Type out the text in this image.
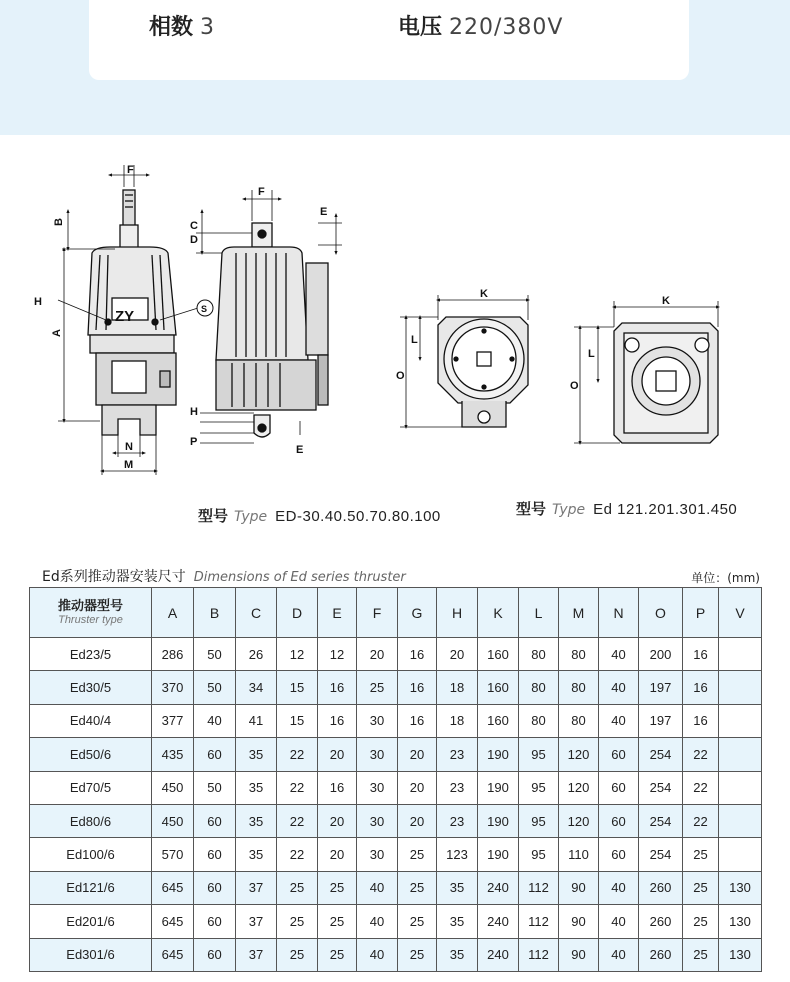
相数 3	电压 220/380V
F
B
A
H
S
N
M
ZY
F
C
D
E
H
P
E
K
L
O
K
L
O
型号 Type ED-30.40.50.70.80.100	型号 Type Ed 121.201.301.450
Ed系列推动器安装尺寸 Dimensions of Ed series thruster	单位：(mm)
推动器型号
Thruster type	A	B	C	D	E	F	G	H	K	L	M	N	O	P	V
Ed23/5	286	50	26	12	12	20	16	20	160	80	80	40	200	16	
Ed30/5	370	50	34	15	16	25	16	18	160	80	80	40	197	16	
Ed40/4	377	40	41	15	16	30	16	18	160	80	80	40	197	16	
Ed50/6	435	60	35	22	20	30	20	23	190	95	120	60	254	22	
Ed70/5	450	50	35	22	16	30	20	23	190	95	120	60	254	22	
Ed80/6	450	60	35	22	20	30	20	23	190	95	120	60	254	22	
Ed100/6	570	60	35	22	20	30	25	123	190	95	110	60	254	25	
Ed121/6	645	60	37	25	25	40	25	35	240	112	90	40	260	25	130
Ed201/6	645	60	37	25	25	40	25	35	240	112	90	40	260	25	130
Ed301/6	645	60	37	25	25	40	25	35	240	112	90	40	260	25	130
